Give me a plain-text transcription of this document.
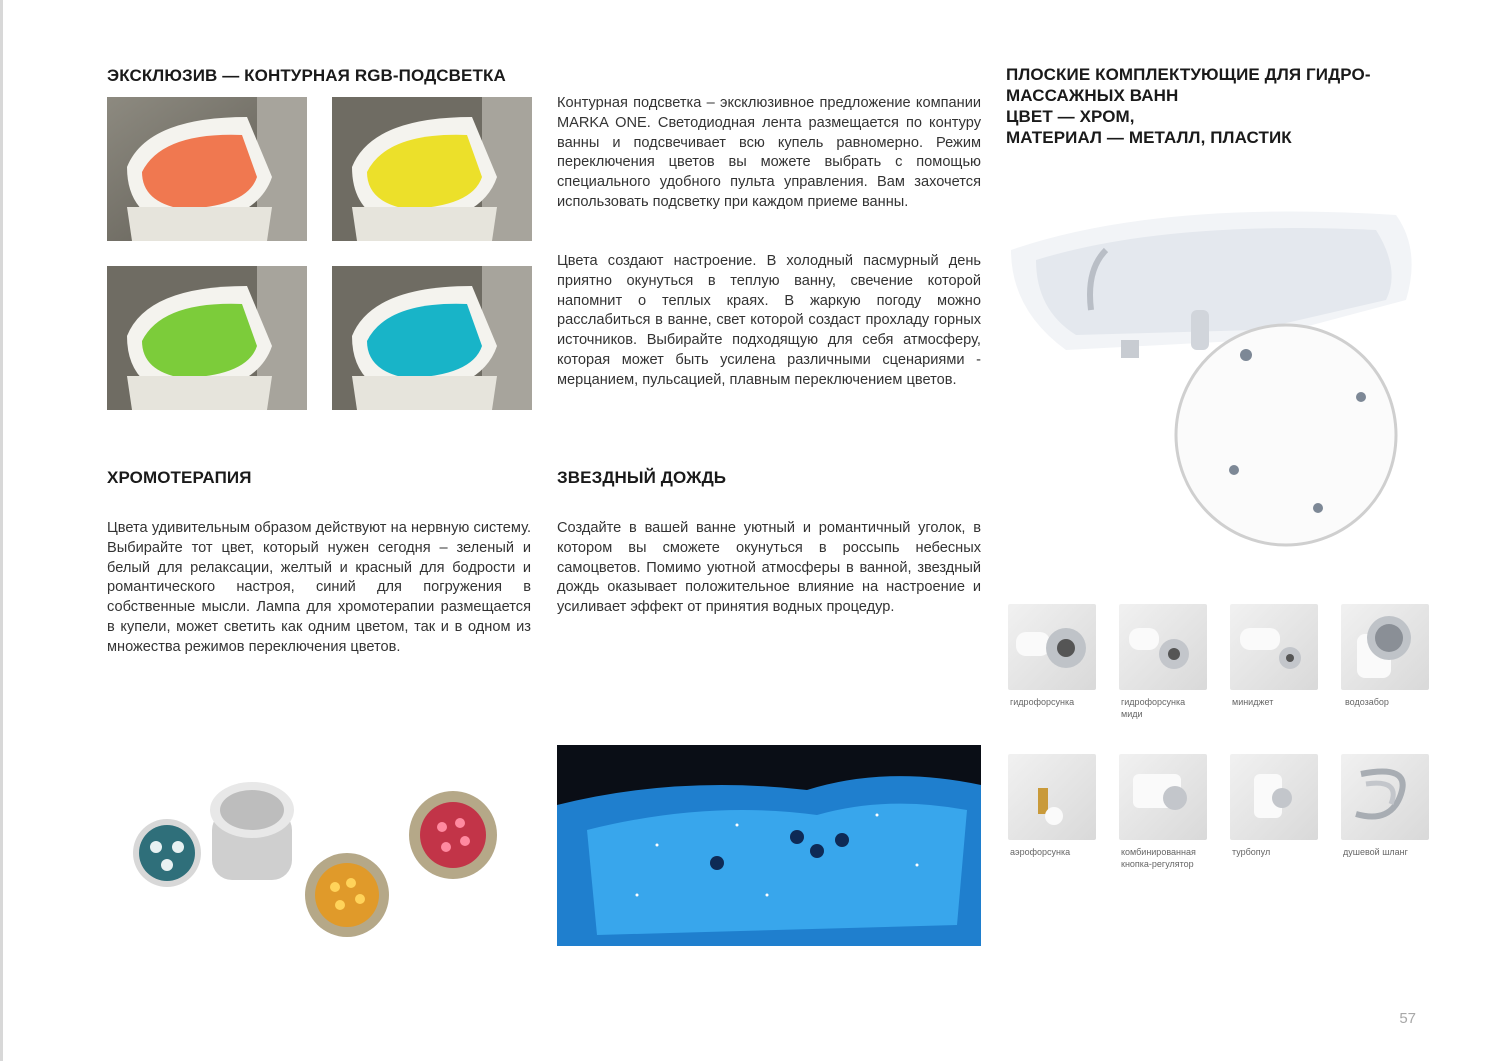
ЭКСКЛЮЗИВ — КОНТУРНАЯ RGB-ПОДСВЕТКА
Контурная подсветка – эксклюзивное предложение компании MARKA ONE. Светодиодная лента размещается по контуру ванны и подсвечивает всю купель равномерно. Режим переключения цветов вы можете выбрать с помощью специального удобного пульта управления. Вам захочется использовать подсветку при каждом приеме ванны.
Цвета создают настроение. В холодный пасмурный день приятно окунуться в теплую ванну, свечение которой напомнит о теплых краях. В жаркую погоду можно расслабиться в ванне, свет которой создаст прохладу горных источников. Выбирайте подходящую для себя атмосферу, которая может быть усилена различными сценариями - мерцанием, пульсацией, плавным переключением цветов.
ХРОМОТЕРАПИЯ
Цвета удивительным образом действуют на нервную систему. Выбирайте тот цвет, который нужен сегодня – зеленый и белый для релаксации, желтый и красный для бодрости и романтического настроя, синий для погружения в собственные мысли. Лампа для хромотерапии размещается в купели, может светить как одним цветом, так и в одном из множества режимов переключения цветов.
ЗВЕЗДНЫЙ ДОЖДЬ
Создайте в вашей ванне уютный и романтичный уголок, в котором вы сможете окунуться в россыпь небесных самоцветов. Помимо уютной атмосферы в ванной, звездный дождь оказывает положительное влияние на настроение и усиливает эффект от принятия водных процедур.
ПЛОСКИЕ КОМПЛЕКТУЮЩИЕ ДЛЯ ГИДРО-
МАССАЖНЫХ ВАНН
ЦВЕТ — ХРОМ,
МАТЕРИАЛ — МЕТАЛЛ, ПЛАСТИК
гидрофорсунка	гидрофорсунка
миди
миниджет	водозабор
аэрофорсунка	комбинированная
кнопка-регулятор
турбопул	душевой шланг
57
